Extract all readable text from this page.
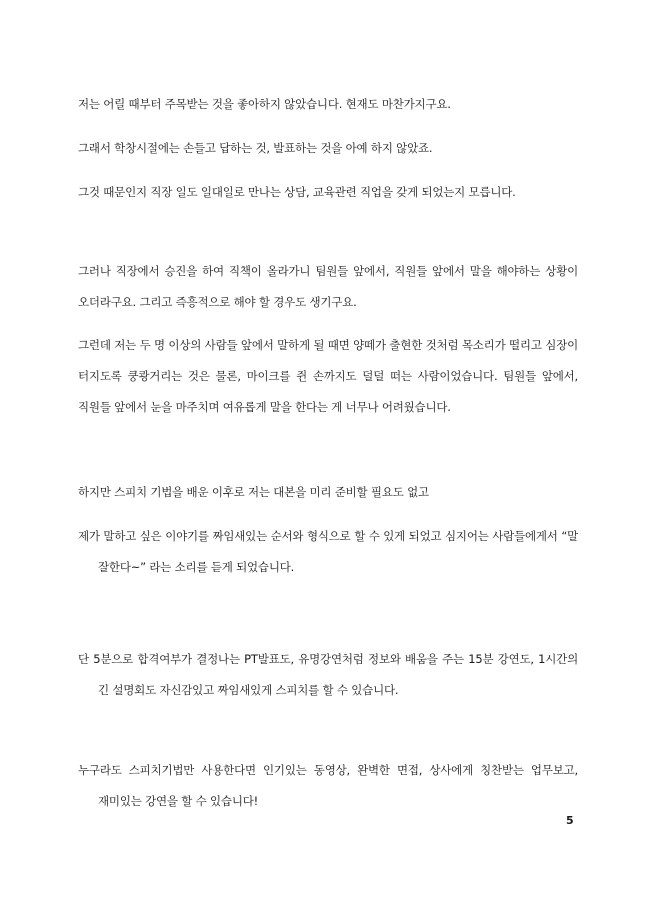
저는 어릴 때부터 주목받는 것을 좋아하지 않았습니다. 현재도 마찬가지구요.

그래서 학창시절에는 손들고 답하는 것, 발표하는 것을 아예 하지 않았죠.

그것 때문인지 직장 일도 일대일로 만나는 상담, 교육관련 직업을 갖게 되었는지 모릅니다.

그러나 직장에서 승진을 하여 직책이 올라가니 팀원들 앞에서, 직원들 앞에서 말을 해야하는 상황이 오더라구요. 그리고 즉흥적으로 해야 할 경우도 생기구요.

그런데 저는 두 명 이상의 사람들 앞에서 말하게 될 때면 양떼가 출현한 것처럼 목소리가 떨리고 심장이 터지도록 쿵쾅거리는 것은 물론, 마이크를 쥔 손까지도 덜덜 떠는 사람이었습니다. 팀원들 앞에서, 직원들 앞에서 눈을 마주치며 여유롭게 말을 한다는 게 너무나 어려웠습니다.

하지만 스피치 기법을 배운 이후로 저는 대본을 미리 준비할 필요도 없고

제가 말하고 싶은 이야기를 짜임새있는 순서와 형식으로 할 수 있게 되었고 심지어는 사람들에게서 “말 잘한다~” 라는 소리를 듣게 되었습니다.

단 5분으로 합격여부가 결정나는 PT발표도, 유명강연처럼 정보와 배움을 주는 15분 강연도, 1시간의 긴 설명회도 자신감있고 짜임새있게 스피치를 할 수 있습니다.

누구라도 스피치기법만 사용한다면 인기있는 동영상, 완벽한 면접, 상사에게 칭찬받는 업무보고, 재미있는 강연을 할 수 있습니다!

5
